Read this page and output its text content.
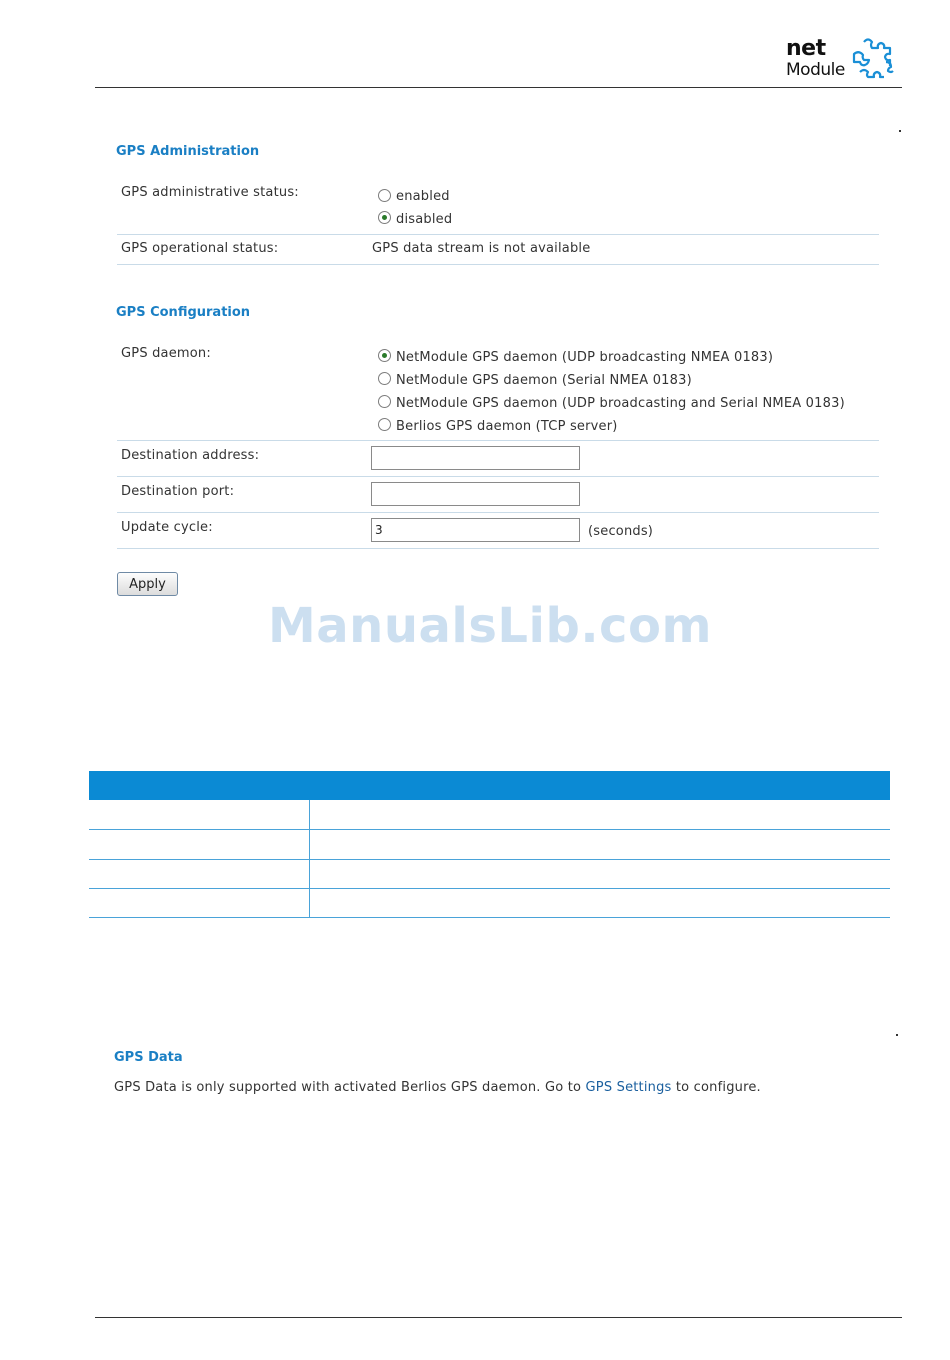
net
Module
GPS Administration
GPS administrative status:	enabled
disabled
GPS operational status:	GPS data stream is not available
GPS Configuration
GPS daemon:	NetModule GPS daemon (UDP broadcasting NMEA 0183)
NetModule GPS daemon (Serial NMEA 0183)
NetModule GPS daemon (UDP broadcasting and Serial NMEA 0183)
Berlios GPS daemon (TCP server)
Destination address:
Destination port:
Update cycle:
3	(seconds)
Apply
ManualsLib.com
GPS Data
GPS Data is only supported with activated Berlios GPS daemon. Go to GPS Settings to configure.
